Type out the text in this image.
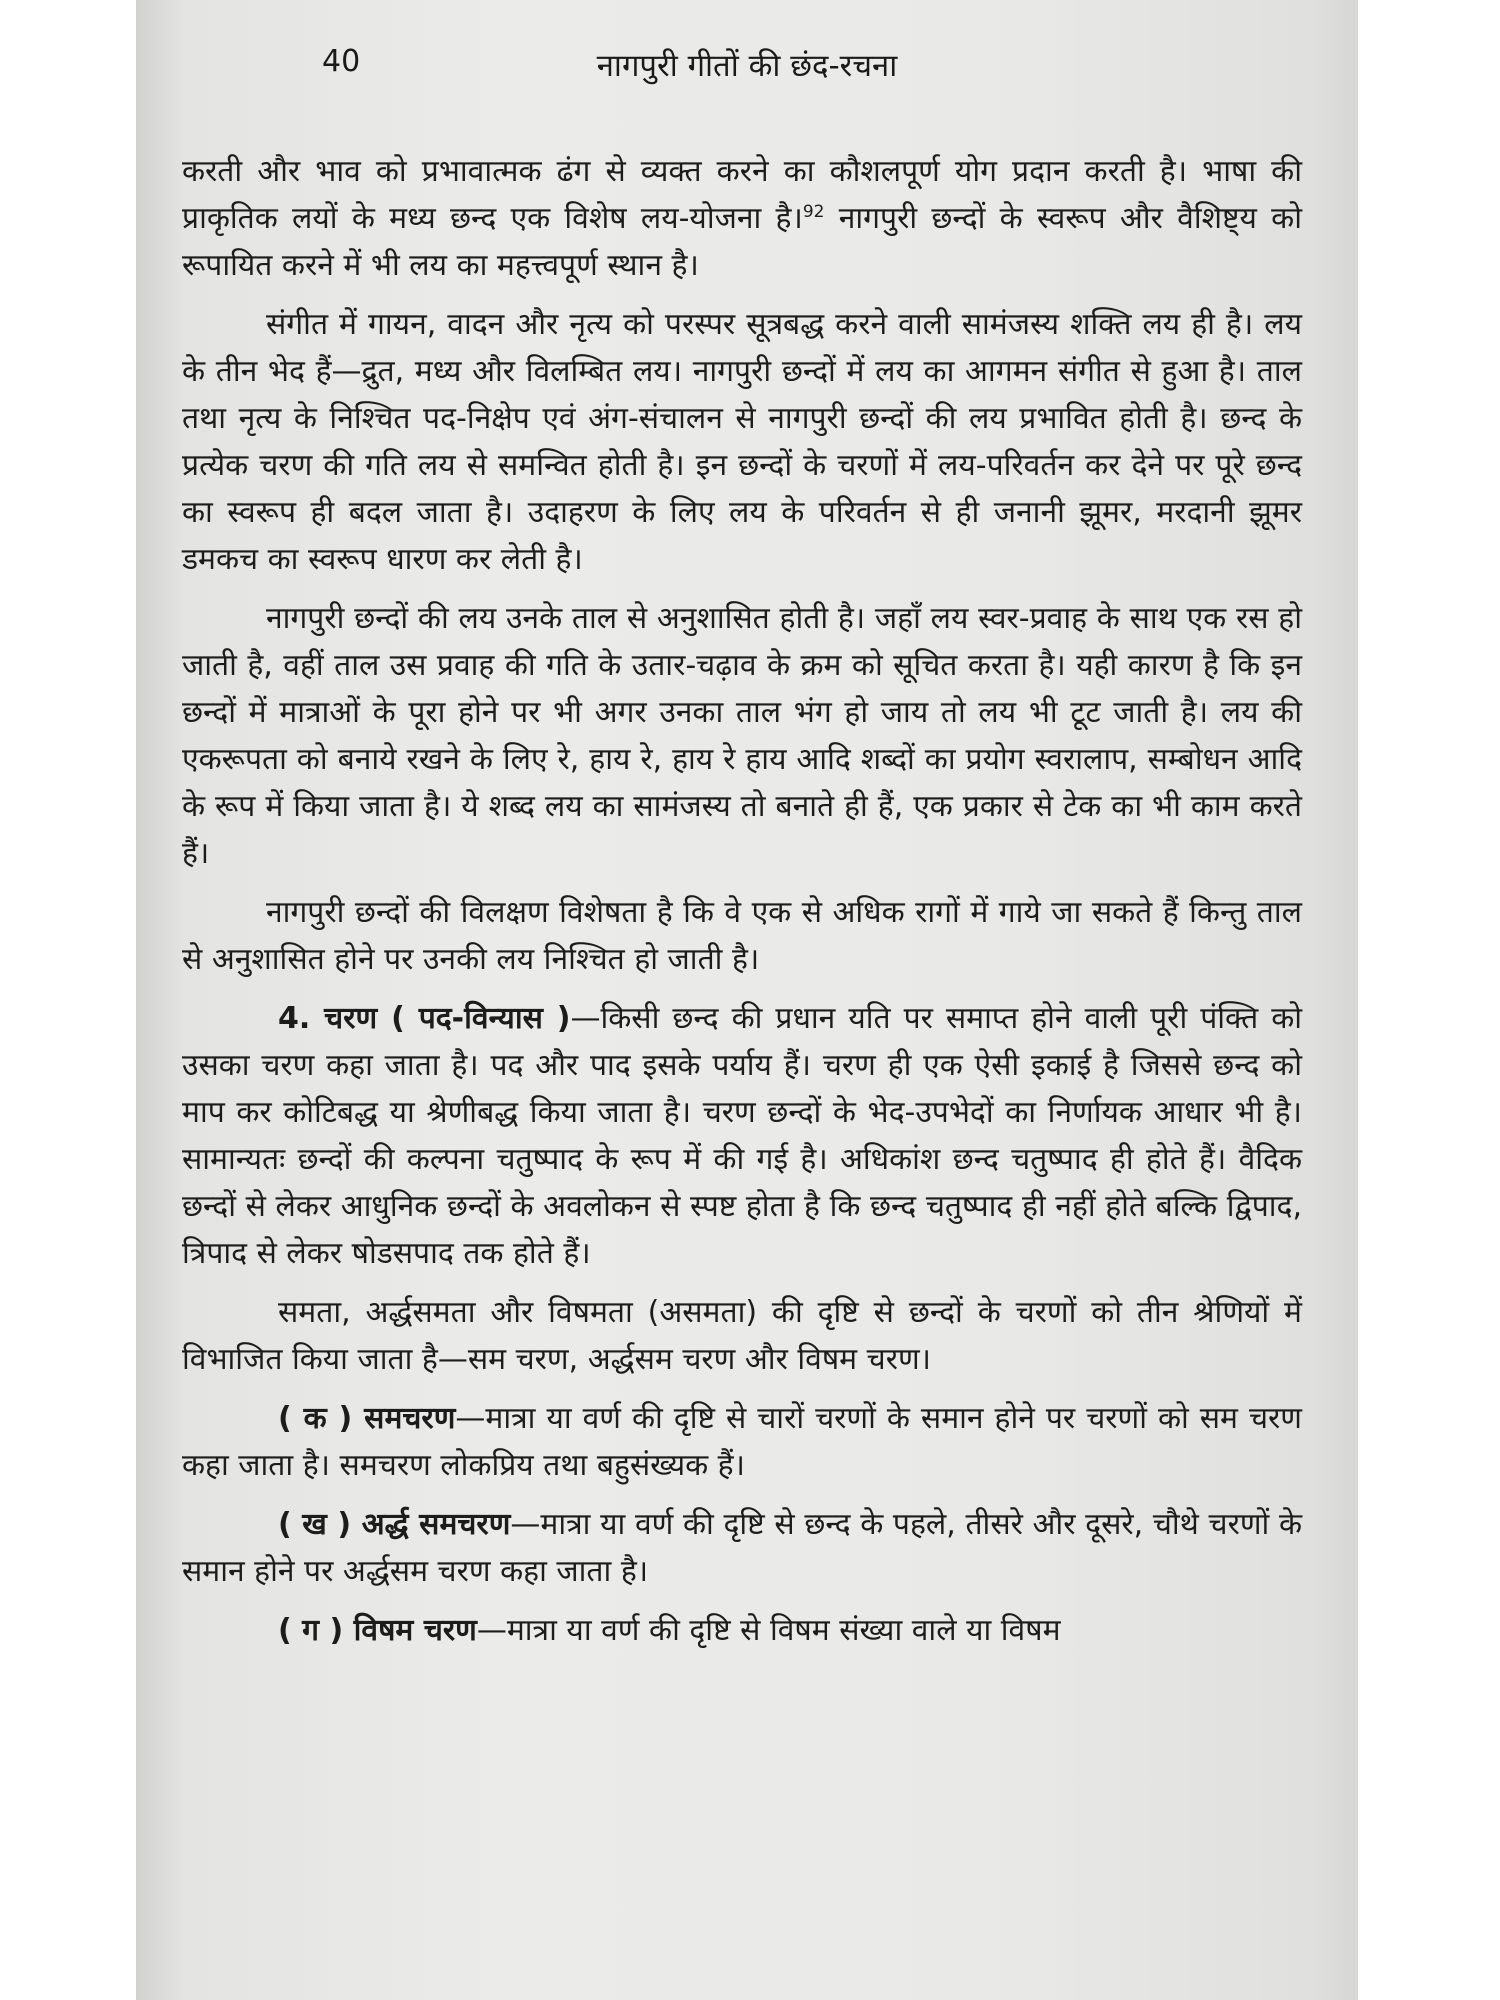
40	नागपुरी गीतों की छंद-रचना

करती और भाव को प्रभावात्मक ढंग से व्यक्त करने का कौशलपूर्ण योग प्रदान करती है। भाषा की प्राकृतिक लयों के मध्य छन्द एक विशेष लय-योजना है।$^{92}$ नागपुरी छन्दों के स्वरूप और वैशिष्ट्य को रूपायित करने में भी लय का महत्त्वपूर्ण स्थान है।

संगीत में गायन, वादन और नृत्य को परस्पर सूत्रबद्ध करने वाली सामंजस्य शक्ति लय ही है। लय के तीन भेद हैं—द्रुत, मध्य और विलम्बित लय। नागपुरी छन्दों में लय का आगमन संगीत से हुआ है। ताल तथा नृत्य के निश्चित पद-निक्षेप एवं अंग-संचालन से नागपुरी छन्दों की लय प्रभावित होती है। छन्द के प्रत्येक चरण की गति लय से समन्वित होती है। इन छन्दों के चरणों में लय-परिवर्तन कर देने पर पूरे छन्द का स्वरूप ही बदल जाता है। उदाहरण के लिए लय के परिवर्तन से ही जनानी झूमर, मरदानी झूमर डमकच का स्वरूप धारण कर लेती है।

नागपुरी छन्दों की लय उनके ताल से अनुशासित होती है। जहाँ लय स्वर-प्रवाह के साथ एक रस हो जाती है, वहीं ताल उस प्रवाह की गति के उतार-चढ़ाव के क्रम को सूचित करता है। यही कारण है कि इन छन्दों में मात्राओं के पूरा होने पर भी अगर उनका ताल भंग हो जाय तो लय भी टूट जाती है। लय की एकरूपता को बनाये रखने के लिए रे, हाय रे, हाय रे हाय आदि शब्दों का प्रयोग स्वरालाप, सम्बोधन आदि के रूप में किया जाता है। ये शब्द लय का सामंजस्य तो बनाते ही हैं, एक प्रकार से टेक का भी काम करते हैं।

नागपुरी छन्दों की विलक्षण विशेषता है कि वे एक से अधिक रागों में गाये जा सकते हैं किन्तु ताल से अनुशासित होने पर उनकी लय निश्चित हो जाती है।

4. चरण ( पद-विन्यास )—किसी छन्द की प्रधान यति पर समाप्त होने वाली पूरी पंक्ति को उसका चरण कहा जाता है। पद और पाद इसके पर्याय हैं। चरण ही एक ऐसी इकाई है जिससे छन्द को माप कर कोटिबद्ध या श्रेणीबद्ध किया जाता है। चरण छन्दों के भेद-उपभेदों का निर्णायक आधार भी है। सामान्यतः छन्दों की कल्पना चतुष्पाद के रूप में की गई है। अधिकांश छन्द चतुष्पाद ही होते हैं। वैदिक छन्दों से लेकर आधुनिक छन्दों के अवलोकन से स्पष्ट होता है कि छन्द चतुष्पाद ही नहीं होते बल्कि द्विपाद, त्रिपाद से लेकर षोडसपाद तक होते हैं।

समता, अर्द्धसमता और विषमता (असमता) की दृष्टि से छन्दों के चरणों को तीन श्रेणियों में विभाजित किया जाता है—सम चरण, अर्द्धसम चरण और विषम चरण।

( क ) समचरण—मात्रा या वर्ण की दृष्टि से चारों चरणों के समान होने पर चरणों को सम चरण कहा जाता है। समचरण लोकप्रिय तथा बहुसंख्यक हैं।

( ख ) अर्द्ध समचरण—मात्रा या वर्ण की दृष्टि से छन्द के पहले, तीसरे और दूसरे, चौथे चरणों के समान होने पर अर्द्धसम चरण कहा जाता है।

( ग ) विषम चरण—मात्रा या वर्ण की दृष्टि से विषम संख्या वाले या विषम
